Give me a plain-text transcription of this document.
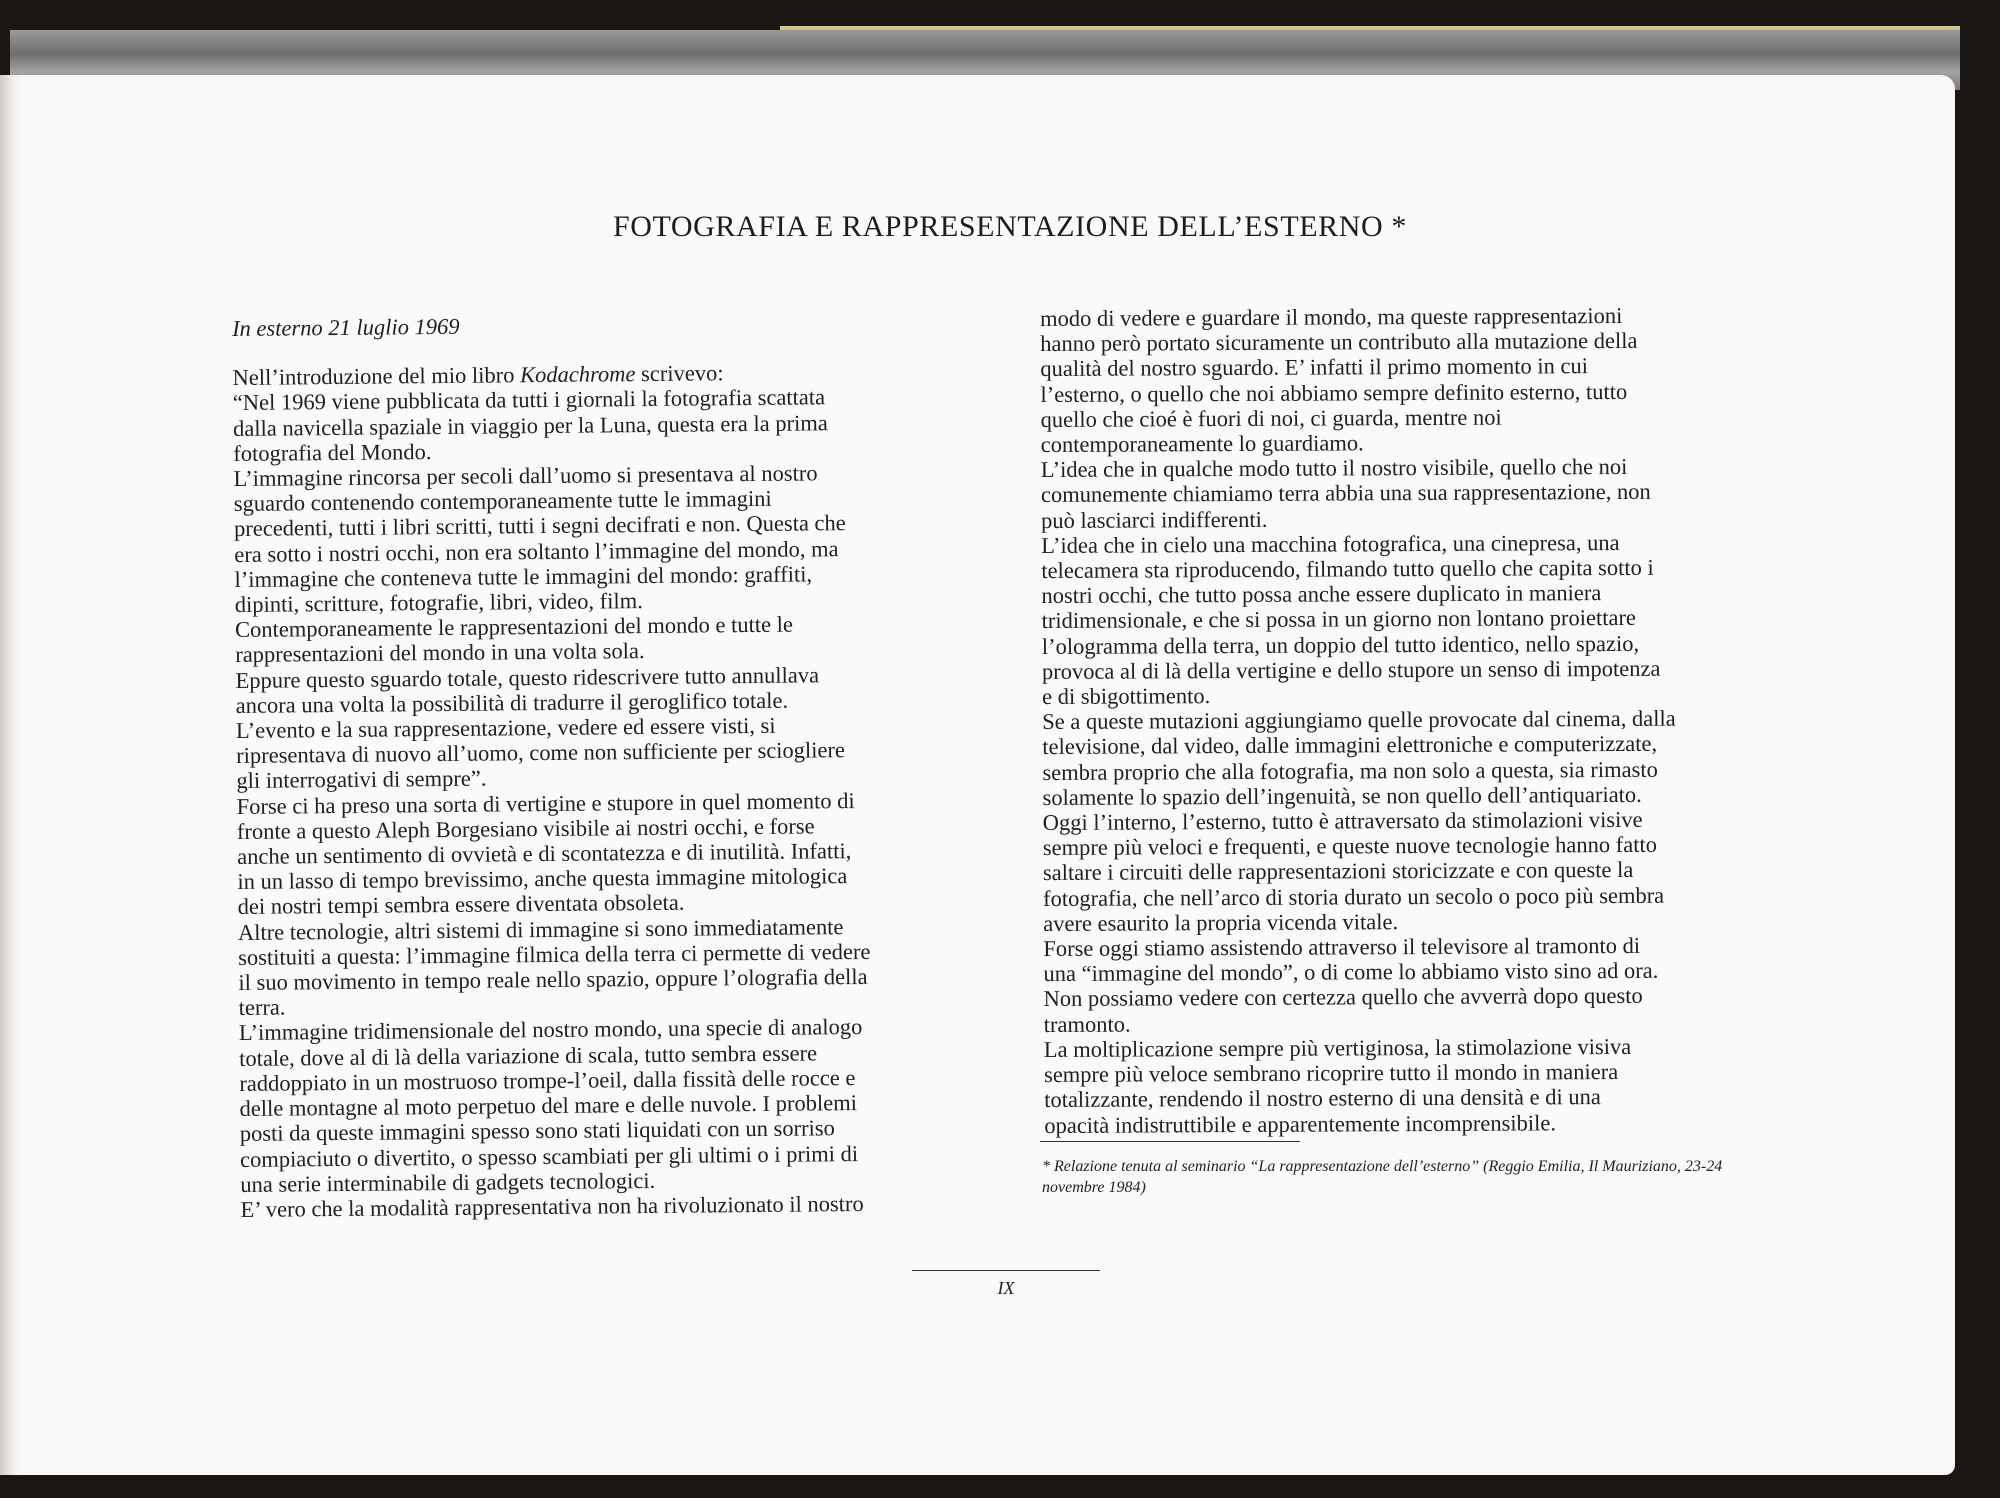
FOTOGRAFIA E RAPPRESENTAZIONE DELL’ESTERNO *

In esterno 21 luglio 1969

Nell’introduzione del mio libro Kodachrome scrivevo:
“Nel 1969 viene pubblicata da tutti i giornali la fotografia scattata
dalla navicella spaziale in viaggio per la Luna, questa era la prima
fotografia del Mondo.
L’immagine rincorsa per secoli dall’uomo si presentava al nostro
sguardo contenendo contemporaneamente tutte le immagini
precedenti, tutti i libri scritti, tutti i segni decifrati e non. Questa che
era sotto i nostri occhi, non era soltanto l’immagine del mondo, ma
l’immagine che conteneva tutte le immagini del mondo: graffiti,
dipinti, scritture, fotografie, libri, video, film.
Contemporaneamente le rappresentazioni del mondo e tutte le
rappresentazioni del mondo in una volta sola.
Eppure questo sguardo totale, questo ridescrivere tutto annullava
ancora una volta la possibilità di tradurre il geroglifico totale.
L’evento e la sua rappresentazione, vedere ed essere visti, si
ripresentava di nuovo all’uomo, come non sufficiente per sciogliere
gli interrogativi di sempre”.
Forse ci ha preso una sorta di vertigine e stupore in quel momento di
fronte a questo Aleph Borgesiano visibile ai nostri occhi, e forse
anche un sentimento di ovvietà e di scontatezza e di inutilità. Infatti,
in un lasso di tempo brevissimo, anche questa immagine mitologica
dei nostri tempi sembra essere diventata obsoleta.
Altre tecnologie, altri sistemi di immagine si sono immediatamente
sostituiti a questa: l’immagine filmica della terra ci permette di vedere
il suo movimento in tempo reale nello spazio, oppure l’olografia della
terra.
L’immagine tridimensionale del nostro mondo, una specie di analogo
totale, dove al di là della variazione di scala, tutto sembra essere
raddoppiato in un mostruoso trompe-l’oeil, dalla fissità delle rocce e
delle montagne al moto perpetuo del mare e delle nuvole. I problemi
posti da queste immagini spesso sono stati liquidati con un sorriso
compiaciuto o divertito, o spesso scambiati per gli ultimi o i primi di
una serie interminabile di gadgets tecnologici.
E’ vero che la modalità rappresentativa non ha rivoluzionato il nostro
modo di vedere e guardare il mondo, ma queste rappresentazioni
hanno però portato sicuramente un contributo alla mutazione della
qualità del nostro sguardo. E’ infatti il primo momento in cui
l’esterno, o quello che noi abbiamo sempre definito esterno, tutto
quello che cioé è fuori di noi, ci guarda, mentre noi
contemporaneamente lo guardiamo.
L’idea che in qualche modo tutto il nostro visibile, quello che noi
comunemente chiamiamo terra abbia una sua rappresentazione, non
può lasciarci indifferenti.
L’idea che in cielo una macchina fotografica, una cinepresa, una
telecamera sta riproducendo, filmando tutto quello che capita sotto i
nostri occhi, che tutto possa anche essere duplicato in maniera
tridimensionale, e che si possa in un giorno non lontano proiettare
l’ologramma della terra, un doppio del tutto identico, nello spazio,
provoca al di là della vertigine e dello stupore un senso di impotenza
e di sbigottimento.
Se a queste mutazioni aggiungiamo quelle provocate dal cinema, dalla
televisione, dal video, dalle immagini elettroniche e computerizzate,
sembra proprio che alla fotografia, ma non solo a questa, sia rimasto
solamente lo spazio dell’ingenuità, se non quello dell’antiquariato.
Oggi l’interno, l’esterno, tutto è attraversato da stimolazioni visive
sempre più veloci e frequenti, e queste nuove tecnologie hanno fatto
saltare i circuiti delle rappresentazioni storicizzate e con queste la
fotografia, che nell’arco di storia durato un secolo o poco più sembra
avere esaurito la propria vicenda vitale.
Forse oggi stiamo assistendo attraverso il televisore al tramonto di
una “immagine del mondo”, o di come lo abbiamo visto sino ad ora.
Non possiamo vedere con certezza quello che avverrà dopo questo
tramonto.
La moltiplicazione sempre più vertiginosa, la stimolazione visiva
sempre più veloce sembrano ricoprire tutto il mondo in maniera
totalizzante, rendendo il nostro esterno di una densità e di una
opacità indistruttibile e apparentemente incomprensibile.

* Relazione tenuta al seminario “La rappresentazione dell’esterno” (Reggio Emilia, Il Mauriziano, 23-24 novembre 1984)

IX
